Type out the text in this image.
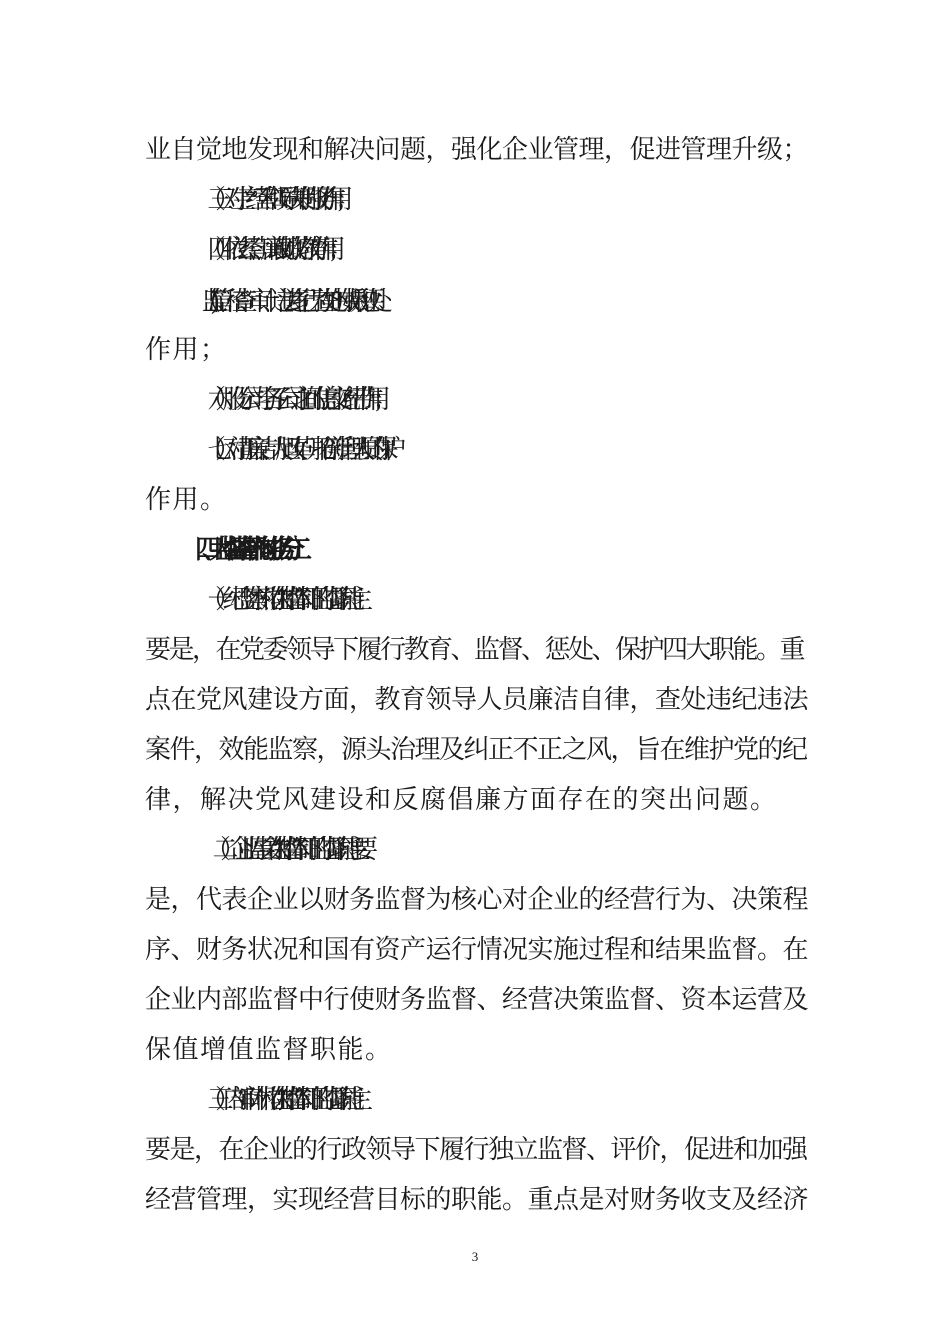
业自觉地发现和解决问题，强化企业管理，促进管理升级；
（三）对生产经营和领导决策的服务作用；
（四）依法经营、廉政勤政的教育作用；
（五)监管、稽查、审计、违法违纪行为查处的威慑和惩处
作用；
（六）股份公司与各子公司之间的信息交流纽带作用；
（七）对清正廉洁、大胆改革、开拓创新管理人员的保护
作用。
四、大监督监督机构的业务分工
（一）纪检监察机构在“大监督”体制下的监督职能主
要是，在党委领导下履行教育、监督、惩处、保护四大职能。重
点在党风建设方面，教育领导人员廉洁自律，查处违纪违法
案件，效能监察，源头治理及纠正不正之风，旨在维护党的纪
律，解决党风建设和反腐倡廉方面存在的突出问题。
（二）企业监事会在“大监督”体制下的监督职能主要
是，代表企业以财务监督为核心对企业的经营行为、决策程
序、财务状况和国有资产运行情况实施过程和结果监督。在
企业内部监督中行使财务监督、经营决策监督、资本运营及
保值增值监督职能。
（三）内部审计机构在“大监督”体制下的监督职能主
要是，在企业的行政领导下履行独立监督、评价，促进和加强
经营管理，实现经营目标的职能。重点是对财务收支及经济
3
